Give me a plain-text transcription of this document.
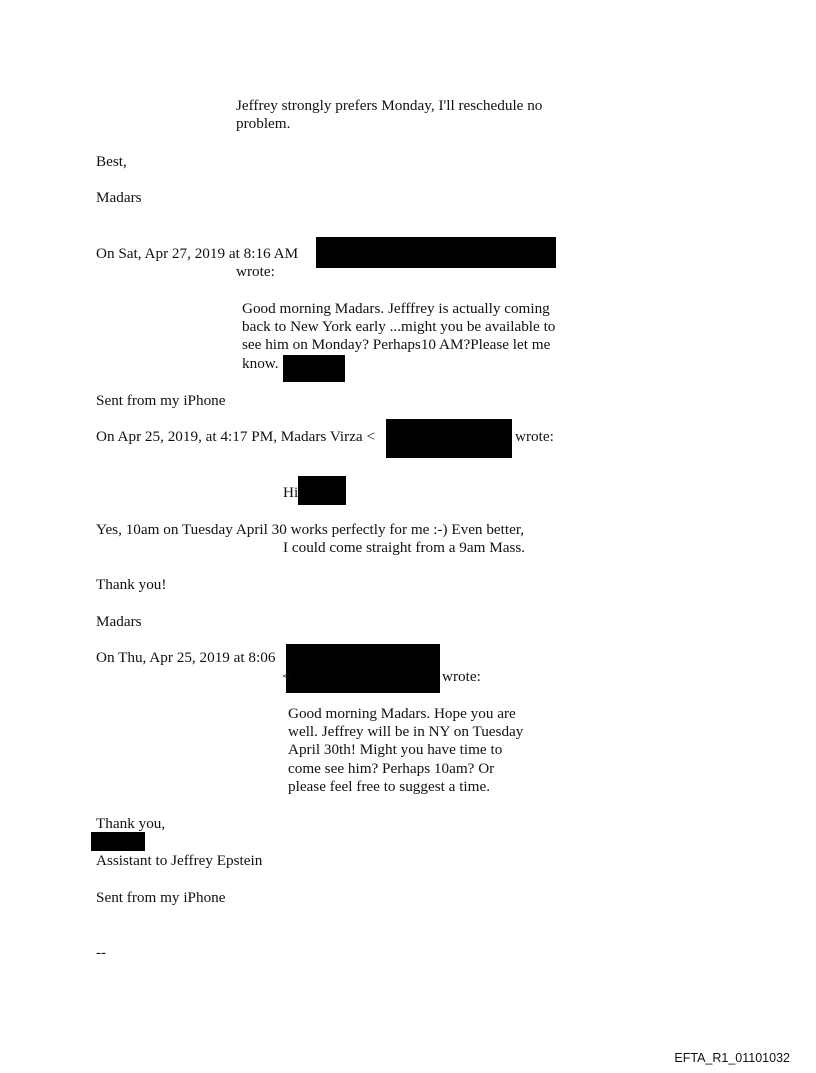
Jeffrey strongly prefers Monday, I'll reschedule no

problem.

Best,

Madars

On Sat, Apr 27, 2019 at 8:16 AM

wrote:

Good morning Madars. Jefffrey is actually coming

back to New York early ...might you be available to

see him on Monday? Perhaps10 AM?Please let me

know.

Sent from my iPhone

On Apr 25, 2019, at 4:17 PM, Madars Virza <	wrote:

Hi

Yes, 10am on Tuesday April 30 works perfectly for me :-) Even better,

I could come straight from a 9am Mass.

Thank you!

Madars

On Thu, Apr 25, 2019 at 8:06

<	wrote:

Good morning Madars. Hope you are

well. Jeffrey will be in NY on Tuesday

April 30th! Might you have time to

come see him? Perhaps 10am? Or

please feel free to suggest a time.

Thank you,

Assistant to Jeffrey Epstein

Sent from my iPhone

--

EFTA_R1_01101032
